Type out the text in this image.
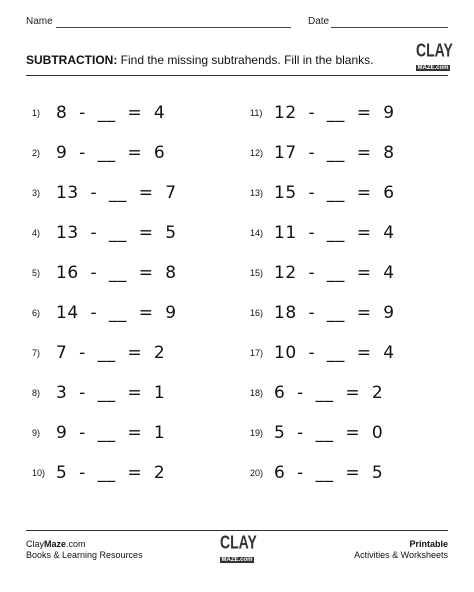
Name	Date
CLAY
MAZE.com
SUBTRACTION: Find the missing subtrahends. Fill in the blanks.
1) 8  -  __  =  4
2) 9  -  __  =  6
3) 13  -  __  =  7
4) 13  -  __  =  5
5) 16  -  __  =  8
6) 14  -  __  =  9
7) 7  -  __  =  2
8) 3  -  __  =  1
9) 9  -  __  =  1
10) 5  -  __  =  2
11) 12  -  __  =  9
12) 17  -  __  =  8
13) 15  -  __  =  6
14) 11  -  __  =  4
15) 12  -  __  =  4
16) 18  -  __  =  9
17) 10  -  __  =  4
18) 6  -  __  =  2
19) 5  -  __  =  0
20) 6  -  __  =  5
ClayMaze.com
Books & Learning Resources
CLAY
MAZE.com
Printable
Activities & Worksheets
